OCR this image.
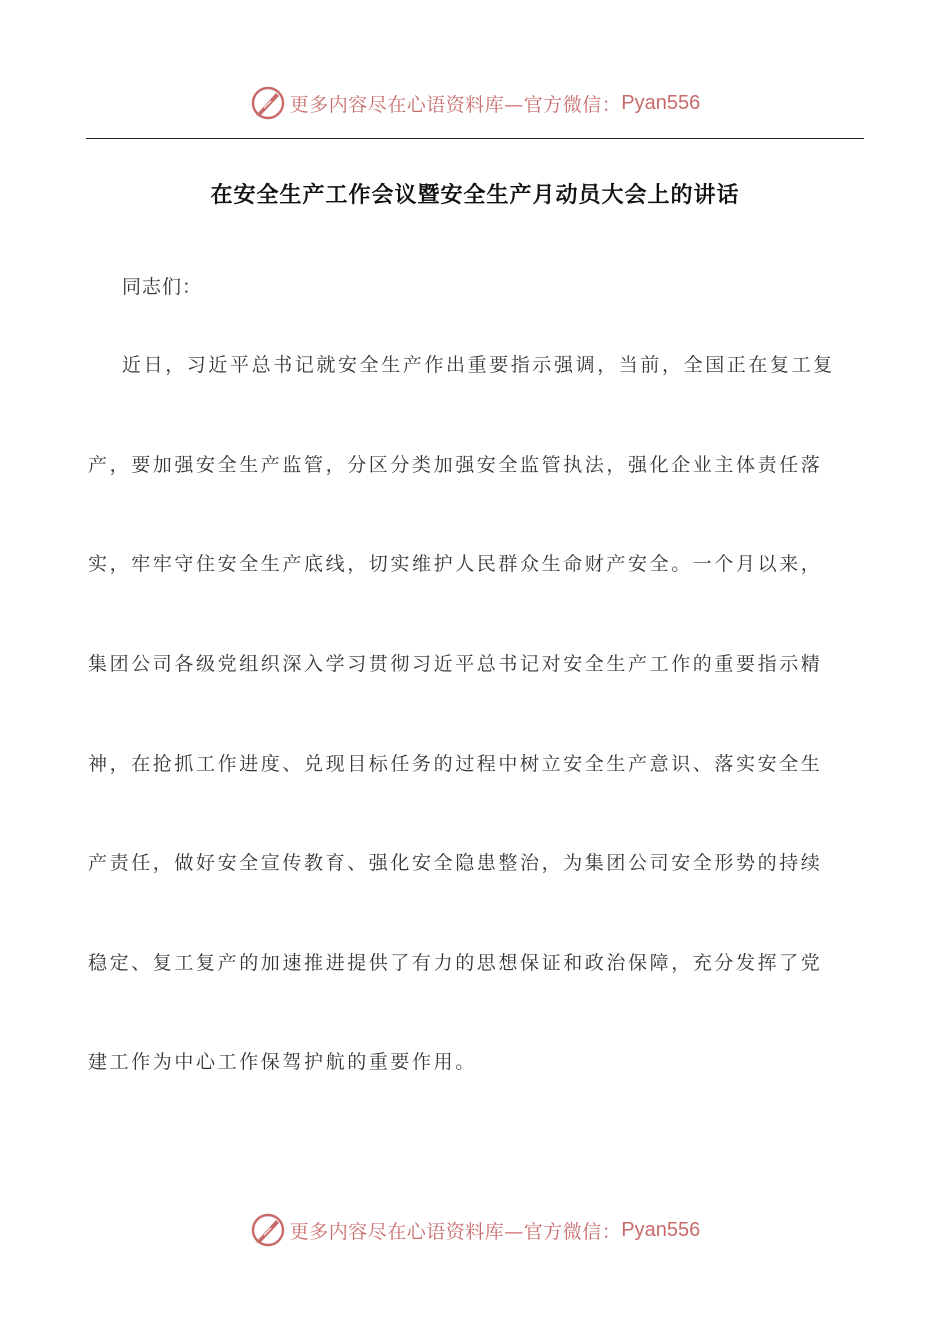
更多内容尽在心语资料库—官方微信： Pyan556
在安全生产工作会议暨安全生产月动员大会上的讲话

同志们：

近日，习近平总书记就安全生产作出重要指示强调，当前，全国正在复工复

产，要加强安全生产监管，分区分类加强安全监管执法，强化企业主体责任落

实，牢牢守住安全生产底线，切实维护人民群众生命财产安全。一个月以来，

集团公司各级党组织深入学习贯彻习近平总书记对安全生产工作的重要指示精

神，在抢抓工作进度、兑现目标任务的过程中树立安全生产意识、落实安全生

产责任，做好安全宣传教育、强化安全隐患整治，为集团公司安全形势的持续

稳定、复工复产的加速推进提供了有力的思想保证和政治保障，充分发挥了党

建工作为中心工作保驾护航的重要作用。

更多内容尽在心语资料库—官方微信： Pyan556
